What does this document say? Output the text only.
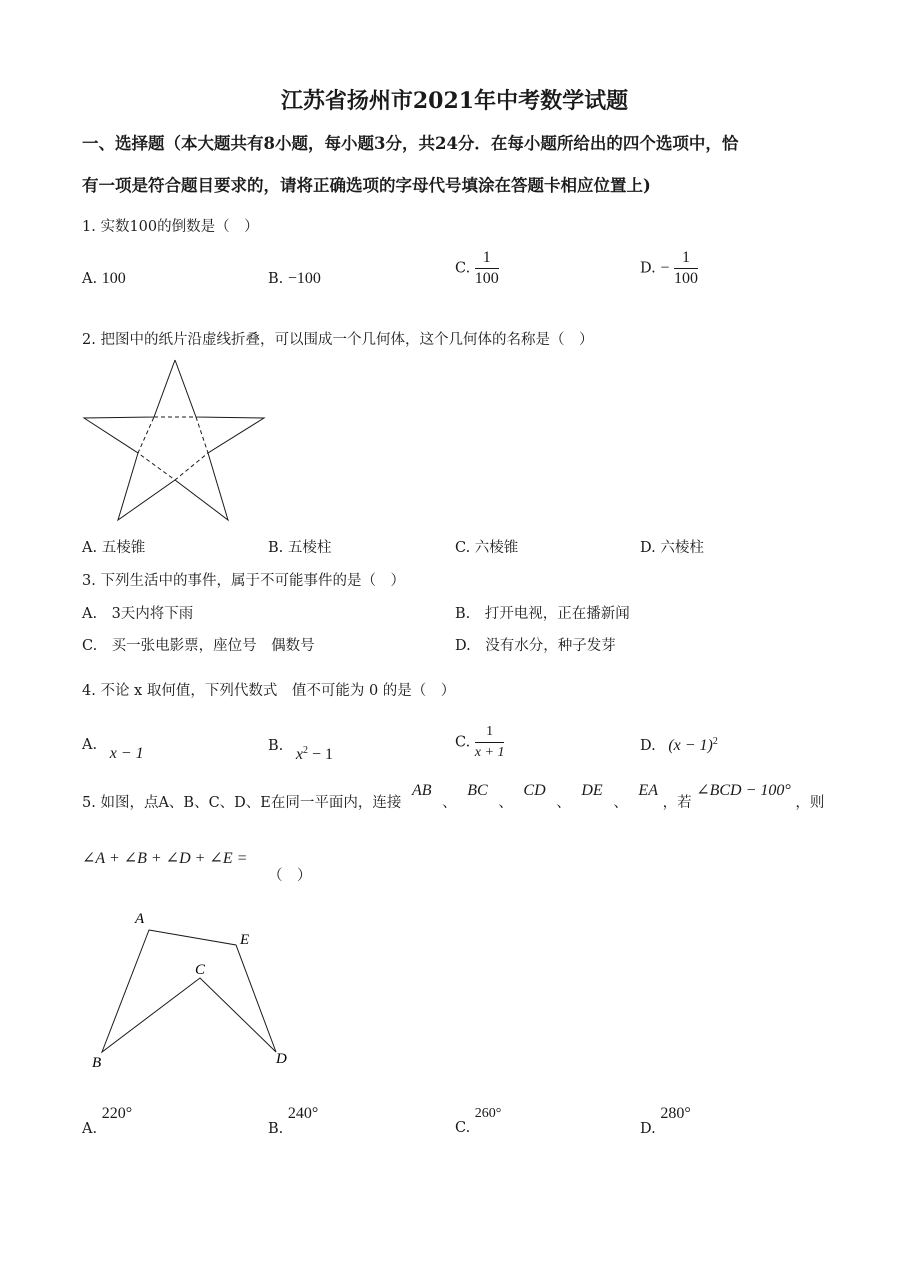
江苏省扬州市2021年中考数学试题
一、选择题（本大题共有8小题，每小题3分，共24分．在每小题所给出的四个选项中，恰
有一项是符合题目要求的，请将正确选项的字母代号填涂在答题卡相应位置上)
1. 实数100的倒数是（　）
A. 100	B. −100
C. $\frac{1}{100}$	D. − $\frac{1}{100}$
2. 把图中的纸片沿虚线折叠，可以围成一个几何体，这个几何体的名称是（　）
A. 五棱锥	B. 五棱柱	C. 六棱锥	D. 六棱柱
3. 下列生活中的事件，属于不可能事件的是（　）
A.　3天内将下雨	B.　打开电视，正在播新闻
C.　买一张电影票，座位号　偶数号	D.　没有水分，种子发芽
4. 不论 x 取何值，下列代数式　值不可能为 0 的是（　）
A. x − 1	B. $x^2 - 1$
C. $\frac{1}{x + 1}$	D. $(x - 1)^2$
5. 如图，点A、B、C、D、E在同一平面内，连接 AB 、 BC 、 CD 、 DE 、 EA ，若 ∠BCD − 100° ，则
∠A + ∠B + ∠D + ∠E =
（　）
A
E
C
D
B
A. 220°
B. 240°
C. 260°
D. 280°
